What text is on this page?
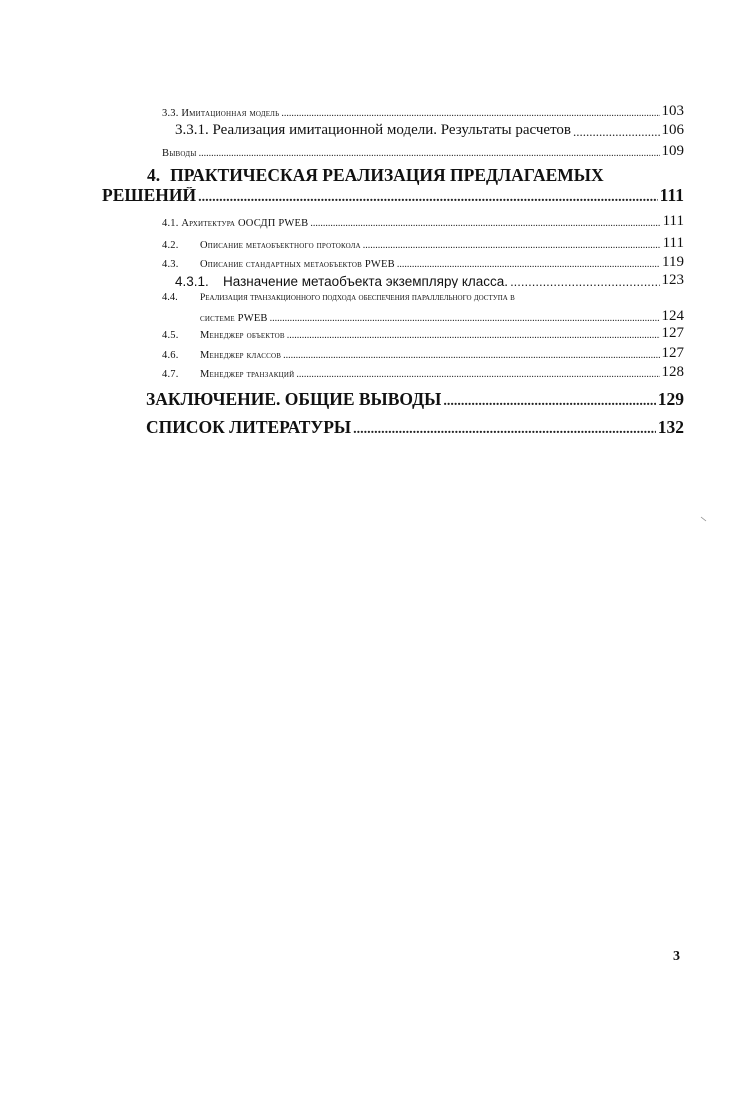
3.3. Имитационная модель .....	103
3.3.1. Реализация имитационной модели. Результаты расчетов .....	106
Выводы .....	109
4. ПРАКТИЧЕСКАЯ РЕАЛИЗАЦИЯ ПРЕДЛАГАЕМЫХ
РЕШЕНИЙ .....	111
4.1. Архитектура ООСДП PWEB .....	111
4.2. Описание метаобъектного протокола .....	111
4.3. Описание стандартных метаобъектов PWEB .....	119
4.3.1. Назначение метаобъекта экземпляру класса. .....	123
4.4. Реализация транзакционного подхода обеспечения параллельного доступа в
системе PWEB .....	124
4.5. Менеджер объектов .....	127
4.6. Менеджер классов .....	127
4.7. Менеджер транзакций .....	128
ЗАКЛЮЧЕНИЕ. ОБЩИЕ ВЫВОДЫ .....	129
СПИСОК ЛИТЕРАТУРЫ .....	132
3
